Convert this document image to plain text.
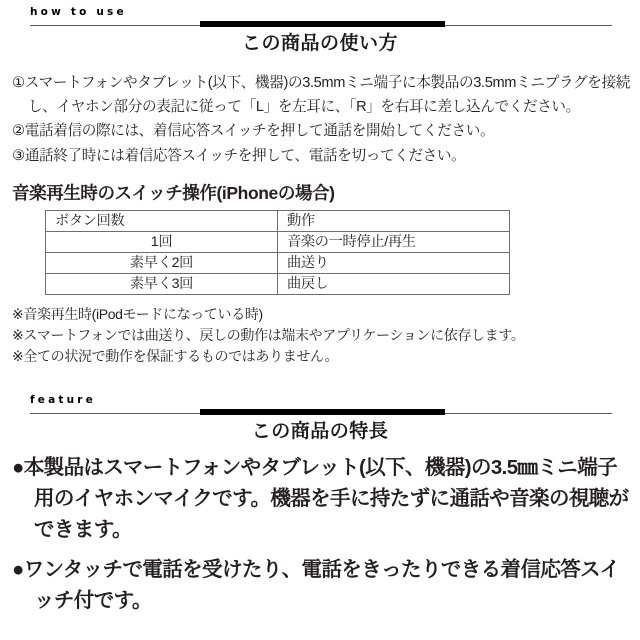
how to use
この商品の使い方

①スマートフォンやタブレット(以下、機器)の3.5mmミニ端子に本製品の3.5mmミニプラグを接続し、イヤホン部分の表記に従って「L」を左耳に、「R」を右耳に差し込んでください。

②電話着信の際には、着信応答スイッチを押して通話を開始してください。

③通話終了時には着信応答スイッチを押して、電話を切ってください。

音楽再生時のスイッチ操作(iPhoneの場合)
ボタン回数	動作
1回	音楽の一時停止/再生
素早く2回	曲送り
素早く3回	曲戻し

※音楽再生時(iPodモードになっている時)

※スマートフォンでは曲送り、戻しの動作は端末やアプリケーションに依存します。

※全ての状況で動作を保証するものではありません。

feature
この商品の特長

●本製品はスマートフォンやタブレット(以下、機器)の3.5㎜ミニ端子用のイヤホンマイクです。機器を手に持たずに通話や音楽の視聴ができます。

●ワンタッチで電話を受けたり、電話をきったりできる着信応答スイッチ付です。
